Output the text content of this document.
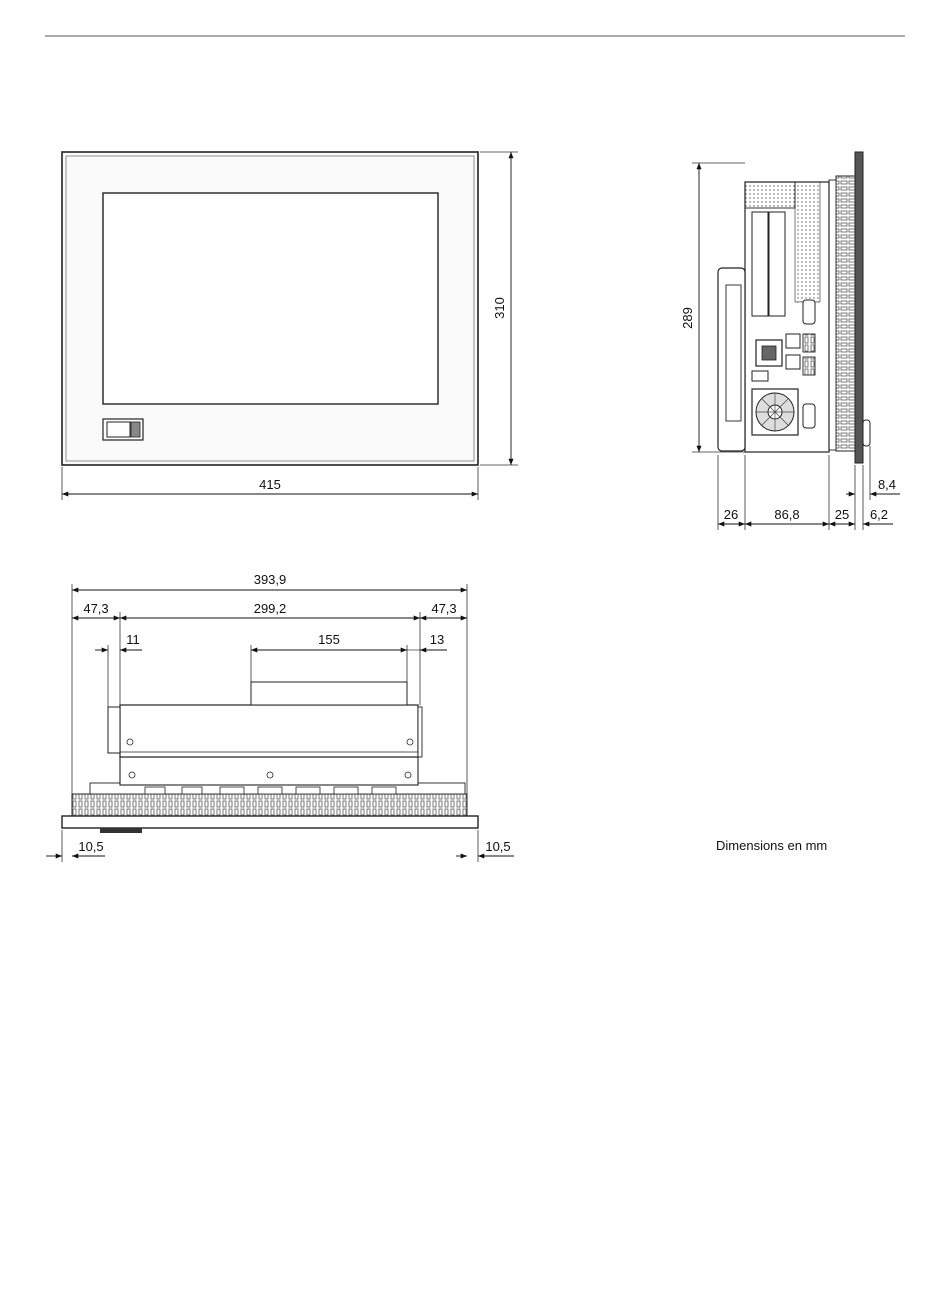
310
415
289
26	86,8	25 6,2
8,4
393,9
47,3	299,2	47,3
11	155	13
10,5	10,5	Dimensions en mm
